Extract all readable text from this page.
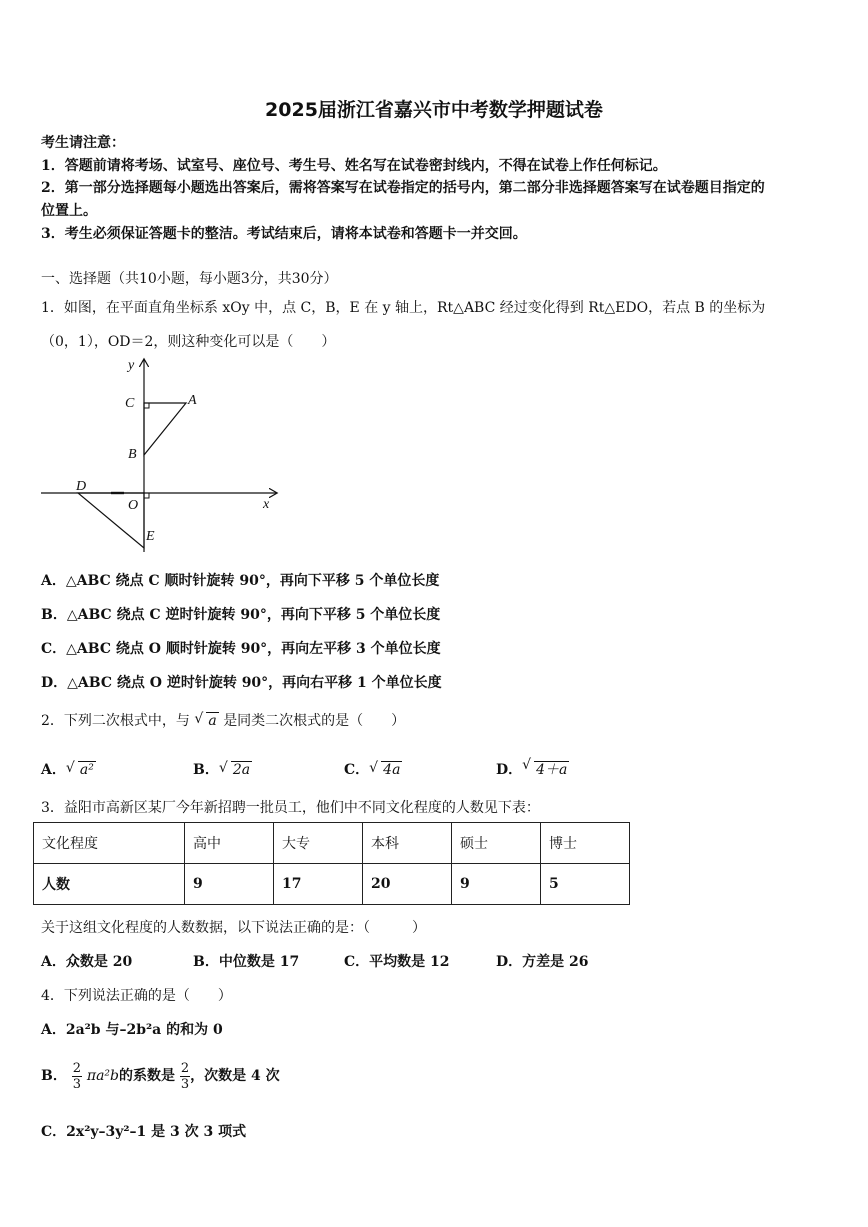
2025届浙江省嘉兴市中考数学押题试卷
考生请注意：
1．答题前请将考场、试室号、座位号、考生号、姓名写在试卷密封线内，不得在试卷上作任何标记。
2．第一部分选择题每小题选出答案后，需将答案写在试卷指定的括号内，第二部分非选择题答案写在试卷题目指定的
位置上。
3．考生必须保证答题卡的整洁。考试结束后，请将本试卷和答题卡一并交回。
一、选择题（共10小题，每小题3分，共30分）
1．如图，在平面直角坐标系 xOy 中，点 C，B，E 在 y 轴上，Rt△ABC 经过变化得到 Rt△EDO，若点 B 的坐标为
（0，1），OD＝2，则这种变化可以是（　　）
y
C	A
B
D
O	x
E
A．△ABC 绕点 C 顺时针旋转 90°，再向下平移 5 个单位长度
B．△ABC 绕点 C 逆时针旋转 90°，再向下平移 5 个单位长度
C．△ABC 绕点 O 顺时针旋转 90°，再向左平移 3 个单位长度
D．△ABC 绕点 O 逆时针旋转 90°，再向右平移 1 个单位长度
2．下列二次根式中，与 √ a 是同类二次根式的是（　　）
A． √ a²	B． √ 2a	C． √ 4a	D． √ 4＋a
3．益阳市高新区某厂今年新招聘一批员工，他们中不同文化程度的人数见下表：
文化程度	高中	大专	本科	硕士	博士
人数	9	17	20	9	5
关于这组文化程度的人数数据，以下说法正确的是：（　　　）
A．众数是 20	B．中位数是 17	C．平均数是 12	D．方差是 26
4．下列说法正确的是（　　）
A．2a²b 与–2b²a 的和为 0
B． $\frac{2}{3} \pi a^2b$的系数是 $\frac{2}{3}$ ，次数是 4 次
C．2x²y–3y²–1 是 3 次 3 项式
